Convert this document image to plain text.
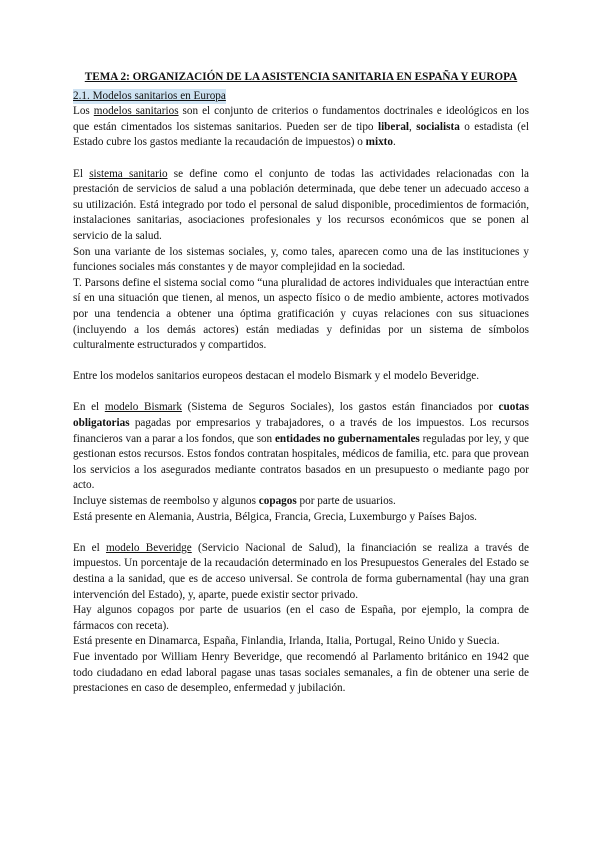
TEMA 2: ORGANIZACIÓN DE LA ASISTENCIA SANITARIA EN ESPAÑA Y EUROPA
2.1. Modelos sanitarios en Europa

Los modelos sanitarios son el conjunto de criterios o fundamentos doctrinales e ideológicos en los que están cimentados los sistemas sanitarios. Pueden ser de tipo liberal, socialista o estadista (el Estado cubre los gastos mediante la recaudación de impuestos) o mixto.

El sistema sanitario se define como el conjunto de todas las actividades relacionadas con la prestación de servicios de salud a una población determinada, que debe tener un adecuado acceso a su utilización. Está integrado por todo el personal de salud disponible, procedimientos de formación, instalaciones sanitarias, asociaciones profesionales y los recursos económicos que se ponen al servicio de la salud.

Son una variante de los sistemas sociales, y, como tales, aparecen como una de las instituciones y funciones sociales más constantes y de mayor complejidad en la sociedad.

T. Parsons define el sistema social como “una pluralidad de actores individuales que interactúan entre sí en una situación que tienen, al menos, un aspecto físico o de medio ambiente, actores motivados por una tendencia a obtener una óptima gratificación y cuyas relaciones con sus situaciones (incluyendo a los demás actores) están mediadas y definidas por un sistema de símbolos culturalmente estructurados y compartidos.

Entre los modelos sanitarios europeos destacan el modelo Bismark y el modelo Beveridge.

En el modelo Bismark (Sistema de Seguros Sociales), los gastos están financiados por cuotas obligatorias pagadas por empresarios y trabajadores, o a través de los impuestos. Los recursos financieros van a parar a los fondos, que son entidades no gubernamentales reguladas por ley, y que gestionan estos recursos. Estos fondos contratan hospitales, médicos de familia, etc. para que provean los servicios a los asegurados mediante contratos basados en un presupuesto o mediante pago por acto.

Incluye sistemas de reembolso y algunos copagos por parte de usuarios.

Está presente en Alemania, Austria, Bélgica, Francia, Grecia, Luxemburgo y Países Bajos.

En el modelo Beveridge (Servicio Nacional de Salud), la financiación se realiza a través de impuestos. Un porcentaje de la recaudación determinado en los Presupuestos Generales del Estado se destina a la sanidad, que es de acceso universal. Se controla de forma gubernamental (hay una gran intervención del Estado), y, aparte, puede existir sector privado.

Hay algunos copagos por parte de usuarios (en el caso de España, por ejemplo, la compra de fármacos con receta).

Está presente en Dinamarca, España, Finlandia, Irlanda, Italia, Portugal, Reino Unido y Suecia.

Fue inventado por William Henry Beveridge, que recomendó al Parlamento británico en 1942 que todo ciudadano en edad laboral pagase unas tasas sociales semanales, a fin de obtener una serie de prestaciones en caso de desempleo, enfermedad y jubilación.
